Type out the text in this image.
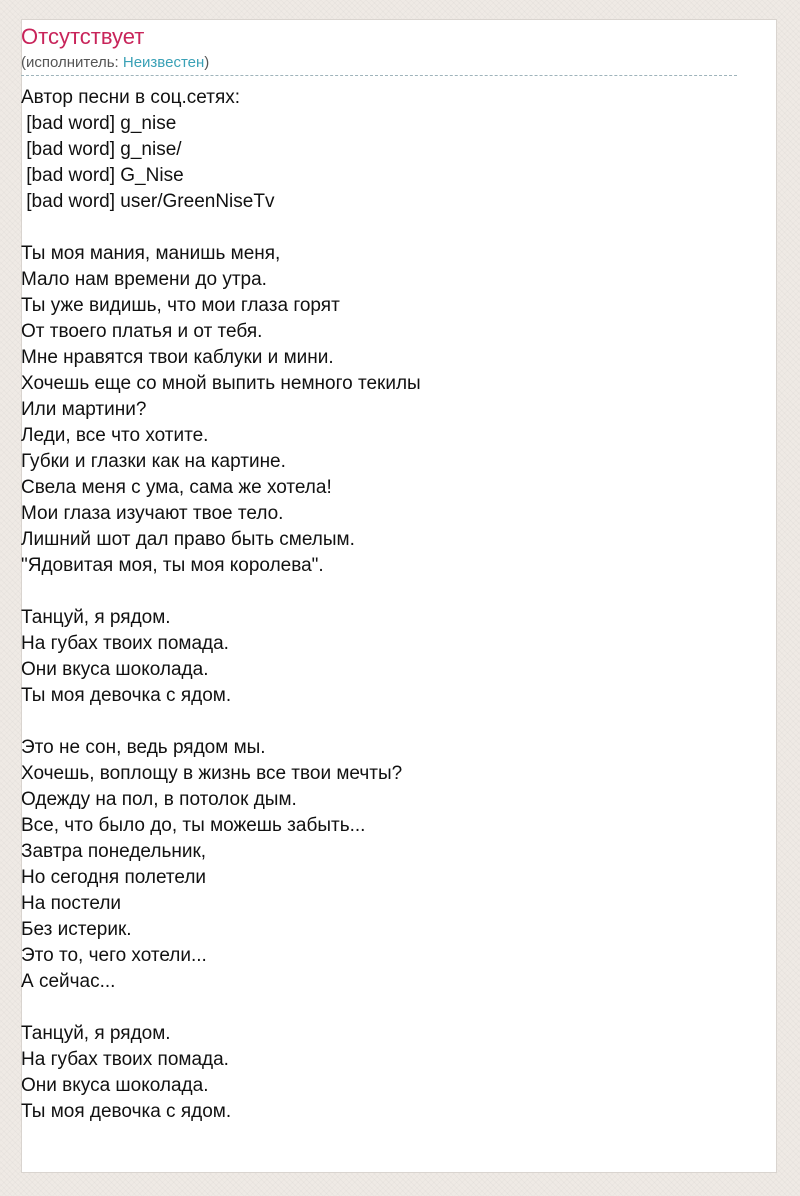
Отсутствует
(исполнитель: Неизвестен)
Автор песни в соц.сетях:
[bad word] g_nise
[bad word] g_nise/
[bad word] G_Nise
[bad word] user/GreenNiseTv
Ты моя мания, манишь меня,
Мало нам времени до утра.
Ты уже видишь, что мои глаза горят
От твоего платья и от тебя.
Мне нравятся твои каблуки и мини.
Хочешь еще со мной выпить немного текилы
Или мартини?
Леди, все что хотите.
Губки и глазки как на картине.
Свела меня с ума, сама же хотела!
Мои глаза изучают твое тело.
Лишний шот дал право быть смелым.
"Ядовитая моя, ты моя королева".
Танцуй, я рядом.
На губах твоих помада.
Они вкуса шоколада.
Ты моя девочка с ядом.
Это не сон, ведь рядом мы.
Хочешь, воплощу в жизнь все твои мечты?
Одежду на пол, в потолок дым.
Все, что было до, ты можешь забыть...
Завтра понедельник,
Но сегодня полетели
На постели
Без истерик.
Это то, чего хотели...
А сейчас...
Танцуй, я рядом.
На губах твоих помада.
Они вкуса шоколада.
Ты моя девочка с ядом.
